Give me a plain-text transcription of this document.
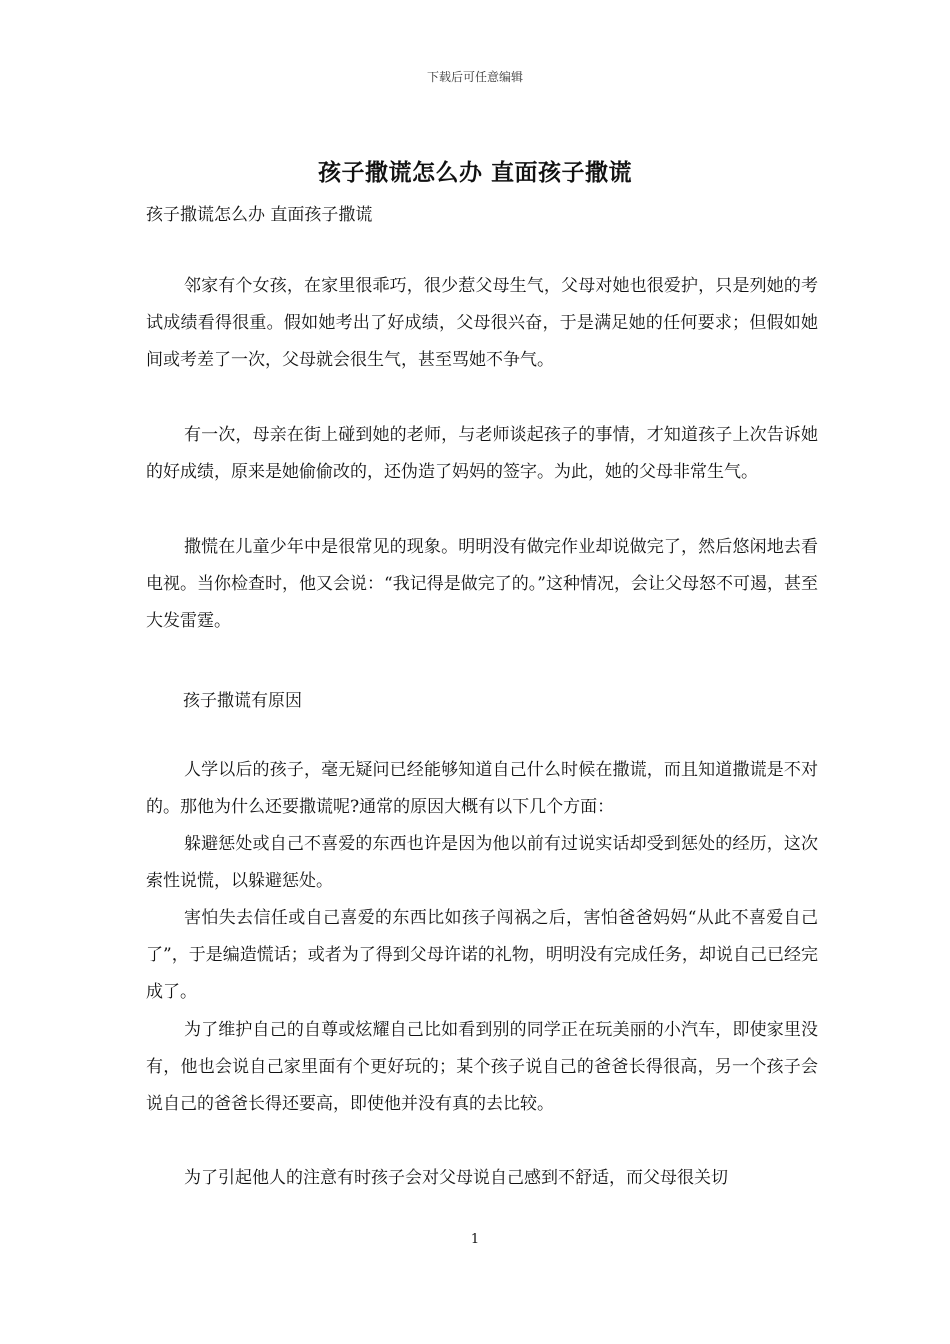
下载后可任意编辑
孩子撒谎怎么办 直面孩子撒谎
孩子撒谎怎么办 直面孩子撒谎

邻家有个女孩，在家里很乖巧，很少惹父母生气，父母对她也很爱护，只是列她的考试成绩看得很重。假如她考出了好成绩，父母很兴奋，于是满足她的任何要求；但假如她间或考差了一次，父母就会很生气，甚至骂她不争气。

有一次，母亲在街上碰到她的老师，与老师谈起孩子的事情，才知道孩子上次告诉她的好成绩，原来是她偷偷改的，还伪造了妈妈的签字。为此，她的父母非常生气。

撒慌在儿童少年中是很常见的现象。明明没有做完作业却说做完了，然后悠闲地去看电视。当你检查时，他又会说：“我记得是做完了的。”这种情况，会让父母怒不可遏，甚至大发雷霆。

孩子撒谎有原因

人学以后的孩子，毫无疑问已经能够知道自己什么时候在撒谎，而且知道撒谎是不对的。那他为什么还要撒谎呢?通常的原因大概有以下几个方面：

躲避惩处或自己不喜爱的东西也许是因为他以前有过说实话却受到惩处的经历，这次索性说慌，以躲避惩处。

害怕失去信任或自己喜爱的东西比如孩子闯祸之后，害怕爸爸妈妈“从此不喜爱自己了”，于是编造慌话；或者为了得到父母许诺的礼物，明明没有完成任务，却说自己已经完成了。

为了维护自己的自尊或炫耀自己比如看到别的同学正在玩美丽的小汽车，即使家里没有，他也会说自己家里面有个更好玩的；某个孩子说自己的爸爸长得很高，另一个孩子会说自己的爸爸长得还要高，即使他并没有真的去比较。

为了引起他人的注意有时孩子会对父母说自己感到不舒适，而父母很关切

1
